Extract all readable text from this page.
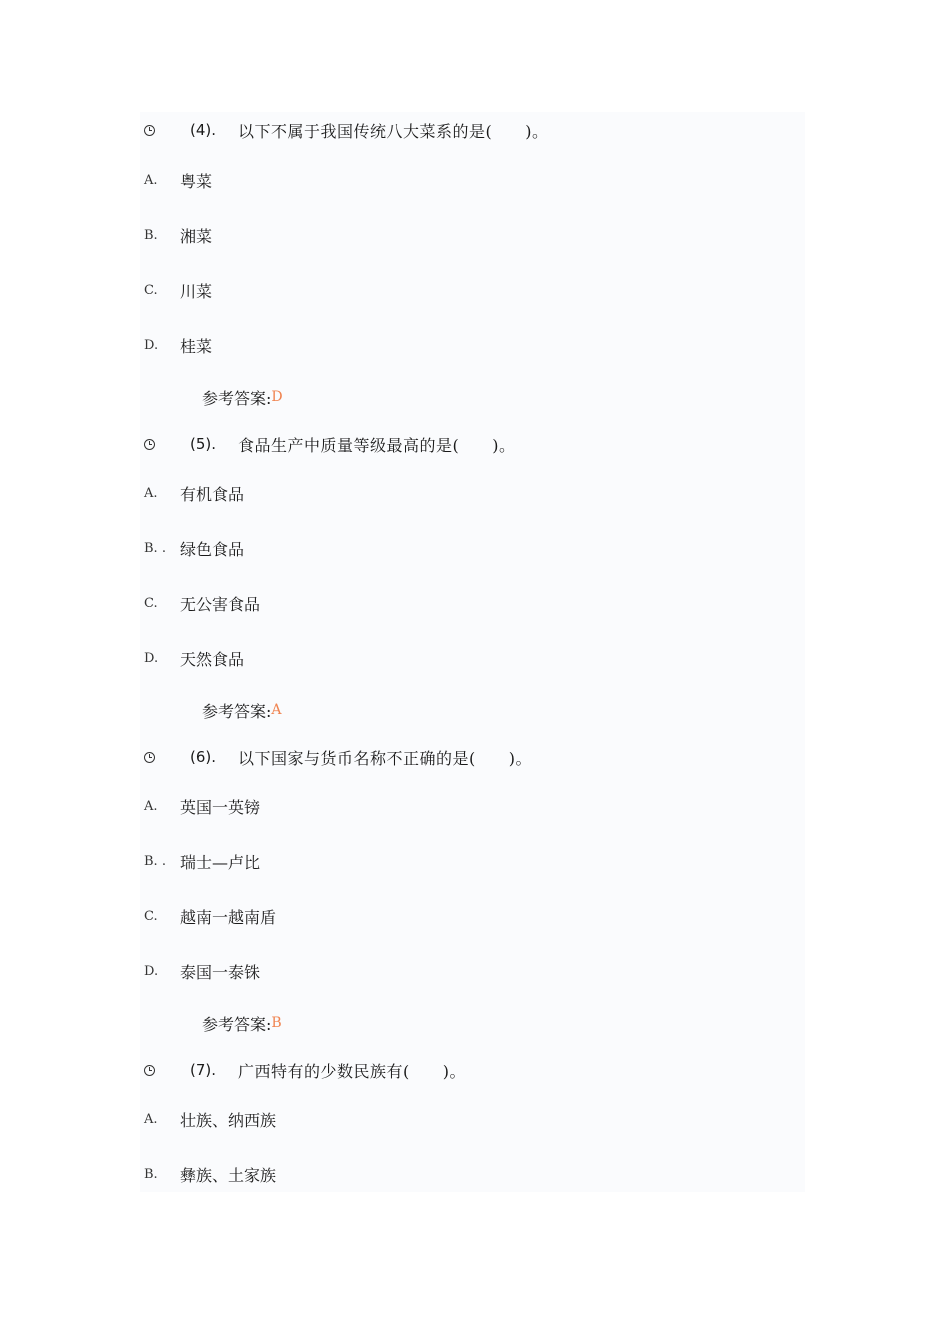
(4). 以下不属于我国传统八大菜系的是(　　)。
A.	粤菜
B.	湘菜
C.	川菜
D.	桂菜
参考答案: D
(5). 食品生产中质量等级最高的是(　　)。
A.	有机食品
B. . 绿色食品
C.	无公害食品
D.	天然食品
参考答案: A
(6). 以下国家与货币名称不正确的是(　　)。
A.	英国一英镑
B. . 瑞士—卢比
C.	越南一越南盾
D.	泰国一泰铢
参考答案: B
(7). 广西特有的少数民族有(　　)。
A.	壮族、纳西族
B.	彝族、土家族
